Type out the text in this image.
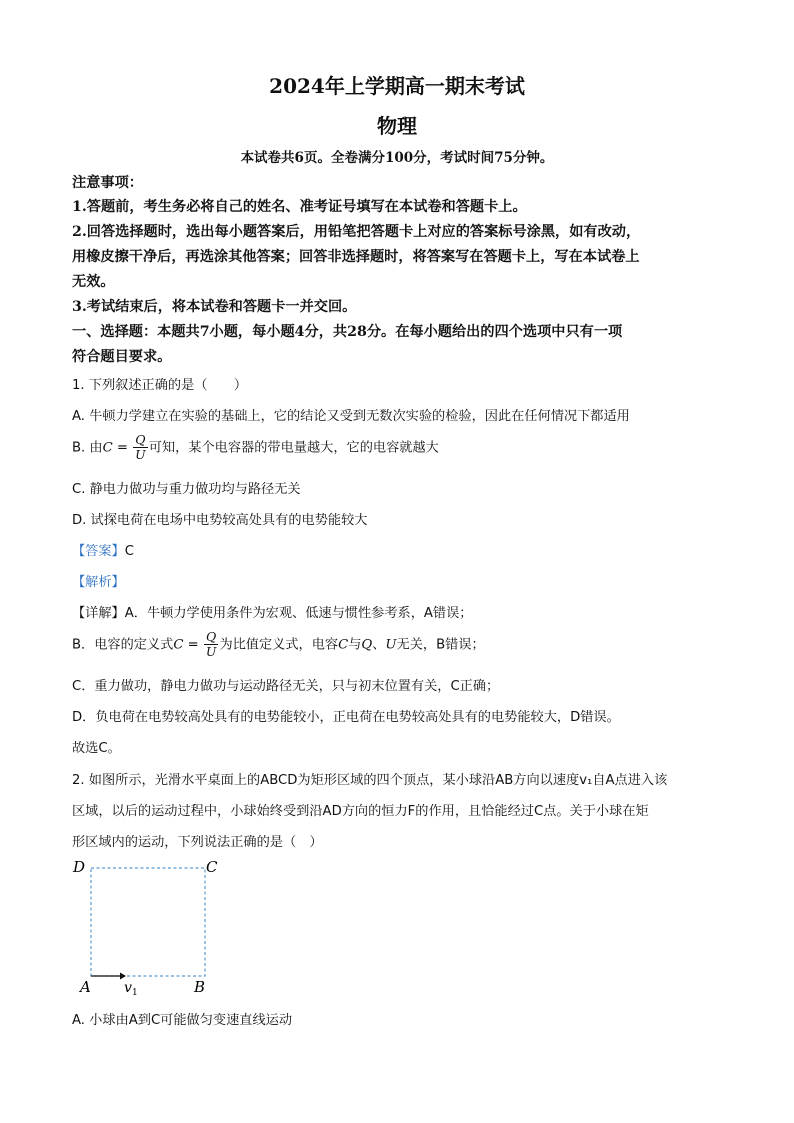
2024年上学期高一期末考试
物理
本试卷共6页。全卷满分100分，考试时间75分钟。
注意事项：
1.答题前，考生务必将自己的姓名、准考证号填写在本试卷和答题卡上。
2.回答选择题时，选出每小题答案后，用铅笔把答题卡上对应的答案标号涂黑，如有改动，
用橡皮擦干净后，再选涂其他答案；回答非选择题时，将答案写在答题卡上，写在本试卷上
无效。
3.考试结束后，将本试卷和答题卡一并交回。
一、选择题：本题共7小题，每小题4分，共28分。在每小题给出的四个选项中只有一项
符合题目要求。
1. 下列叙述正确的是（　　）
A. 牛顿力学建立在实验的基础上，它的结论又受到无数次实验的检验，因此在任何情况下都适用
B. 由$C = \frac{Q}{U}$ 可知，某个电容器的带电量越大，它的电容就越大
C. 静电力做功与重力做功均与路径无关
D. 试探电荷在电场中电势较高处具有的电势能较大
【答案】C
【解析】
【详解】A．牛顿力学使用条件为宏观、低速与惯性参考系，A错误；
B．电容的定义式$C = \frac{Q}{U}$ 为比值定义式，电容C与Q、U无关，B错误；
C．重力做功，静电力做功与运动路径无关，只与初末位置有关，C正确；
D．负电荷在电势较高处具有的电势能较小，正电荷在电势较高处具有的电势能较大，D错误。
故选C。
2. 如图所示，光滑水平桌面上的ABCD为矩形区域的四个顶点，某小球沿AB方向以速度v₁自A点进入该
区域，以后的运动过程中，小球始终受到沿AD方向的恒力F的作用，且恰能经过C点。关于小球在矩
形区域内的运动，下列说法正确的是（　）
D	C
A	B
v 1
A. 小球由A到C可能做匀变速直线运动
